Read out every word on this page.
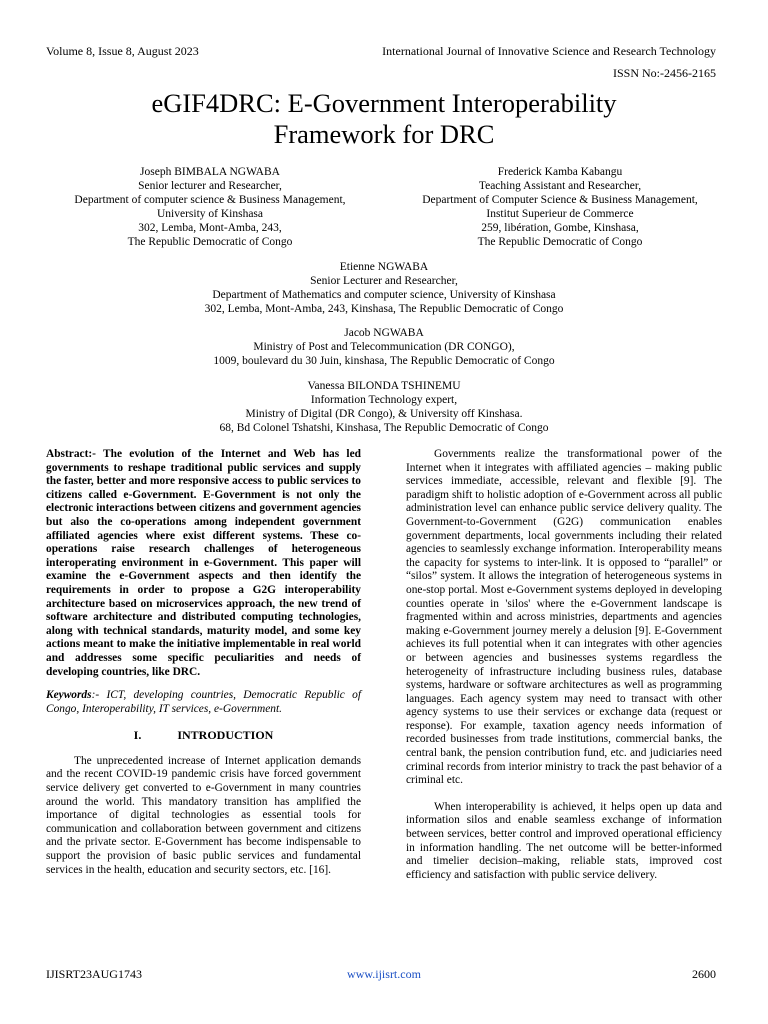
Volume 8, Issue 8, August 2023	International Journal of Innovative Science and Research Technology
ISSN No:-2456-2165
eGIF4DRC: E-Government Interoperability
Framework for DRC
Joseph BIMBALA NGWABA
Senior lecturer and Researcher,
Department of computer science & Business Management,
University of Kinshasa
302, Lemba, Mont-Amba, 243,
The Republic Democratic of Congo
Frederick Kamba Kabangu
Teaching Assistant and Researcher,
Department of Computer Science & Business Management,
Institut Superieur de Commerce
259, libération, Gombe, Kinshasa,
The Republic Democratic of Congo
Etienne NGWABA
Senior Lecturer and Researcher,
Department of Mathematics and computer science, University of Kinshasa
302, Lemba, Mont-Amba, 243, Kinshasa, The Republic Democratic of Congo
Jacob NGWABA
Ministry of Post and Telecommunication (DR CONGO),
1009, boulevard du 30 Juin, kinshasa, The Republic Democratic of Congo
Vanessa BILONDA TSHINEMU
Information Technology expert,
Ministry of Digital (DR Congo), & University off Kinshasa.
68, Bd Colonel Tshatshi, Kinshasa, The Republic Democratic of Congo

Abstract:- The evolution of the Internet and Web has led governments to reshape traditional public services and supply the faster, better and more responsive access to public services to citizens called e-Government. E-Government is not only the electronic interactions between citizens and government agencies but also the co-operations among independent government affiliated agencies where exist different systems. These co-operations raise research challenges of heterogeneous interoperating environment in e-Government. This paper will examine the e-Government aspects and then identify the requirements in order to propose a G2G interoperability architecture based on microservices approach, the new trend of software architecture and distributed computing technologies, along with technical standards, maturity model, and some key actions meant to make the initiative implementable in real world and addresses some specific peculiarities and needs of developing countries, like DRC.

Keywords:- ICT, developing countries, Democratic Republic of Congo, Interoperability, IT services, e-Government.

I.	INTRODUCTION

The unprecedented increase of Internet application demands and the recent COVID-19 pandemic crisis have forced government service delivery get converted to e-Government in many countries around the world. This mandatory transition has amplified the importance of digital technologies as essential tools for communication and collaboration between government and citizens and the private sector. E-Government has become indispensable to support the provision of basic public services and fundamental services in the health, education and security sectors, etc. [16].

Governments realize the transformational power of the Internet when it integrates with affiliated agencies – making public services immediate, accessible, relevant and flexible [9]. The paradigm shift to holistic adoption of e-Government across all public administration level can enhance public service delivery quality. The Government-to-Government (G2G) communication enables government departments, local governments including their related agencies to seamlessly exchange information. Interoperability means the capacity for systems to inter-link. It is opposed to “parallel” or “silos” system. It allows the integration of heterogeneous systems in one-stop portal. Most e-Government systems deployed in developing counties operate in 'silos' where the e-Government landscape is fragmented within and across ministries, departments and agencies making e-Government journey merely a delusion [9]. E-Government achieves its full potential when it can integrates with other agencies or between agencies and businesses systems regardless the heterogeneity of infrastructure including business rules, database systems, hardware or software architectures as well as programming languages. Each agency system may need to transact with other agency systems to use their services or exchange data (request or response). For example, taxation agency needs information of recorded businesses from trade institutions, commercial banks, the central bank, the pension contribution fund, etc. and judiciaries need criminal records from interior ministry to track the past behavior of a criminal etc.

When interoperability is achieved, it helps open up data and information silos and enable seamless exchange of information between services, better control and improved operational efficiency in information handling. The net outcome will be better-informed and timelier decision–making, reliable stats, improved cost efficiency and satisfaction with public service delivery.

IJISRT23AUG1743	www.ijisrt.com	2600
